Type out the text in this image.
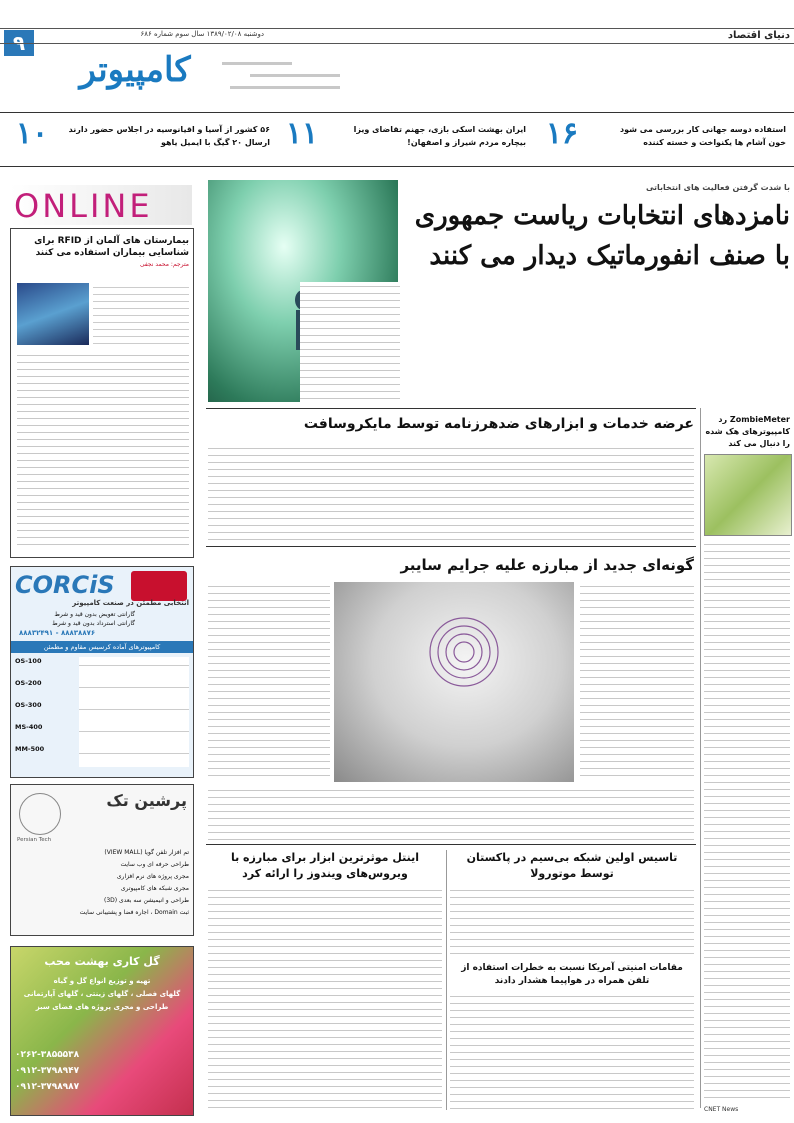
۹	دوشنبه ۱۳۸۹/۰۲/۰۸ سال سوم شماره ۶۸۶	دنیای اقتصاد
کامپیوتر
۱۶	استفاده دوسه جهانی کار بررسی می شود
خون آشام ها یکنواخت و خسته کننده
۱۱	ایران بهشت اسکی بازی، جهنم تقاضای ویزا
بیچاره مردم شیراز و اصفهان!
۱۰	۵۶ کشور از آسیا و اقیانوسیه در اجلاس حضور دارند
ارسال ۲۰ گیگ با ایمیل یاهو
ONLINE
بیمارستان های آلمان از RFID برای شناسایی بیماران استفاده می کنند
مترجم: محمد نجفی
CORCiS
انتخابی مطمئن در صنعت کامپیوتر
گارانتی تعویض بدون قید و شرط
گارانتی استرداد بدون قید و شرط
۸۸۸۳۲۴۹۱ - ۸۸۸۳۸۸۷۶
کامپیوترهای آماده کرسیس مقاوم و مطمئن
OS-100
OS-200
OS-300
MS-400
MM-500
Persian Tech
پرشین تک
تم افزار تلفن گویا (VIEW MALL)
طراحی حرفه ای وب سایت
مجری پروژه های نرم افزاری
مجری شبکه های کامپیوتری
طراحی و انیمیشن سه بعدی (3D)
ثبت Domain ، اجاره فضا و پشتیبانی سایت
گل کاری بهشت محب
تهیه و توزیع انواع گل و گیاه
گلهای فصلی ، گلهای زینتی ، گلهای آپارتمانی
طراحی و مجری پروژه های فضای سبز
۰۲۶۲-۳۸۵۵۵۳۸
۰۹۱۲-۳۷۹۸۹۴۷
۰۹۱۲-۳۷۹۸۹۸۷
با شدت گرفتن فعالیت های انتخاباتی
نامزدهای انتخابات ریاست جمهوری
با صنف انفورماتیک دیدار می کنند
عرضه خدمات و ابزارهای ضدهرزنامه توسط مایکروسافت	ZombieMeter رد کامپیوترهای هک شده را دنبال می کند
گونه‌ای جدید از مبارزه علیه جرایم سایبر
تاسیس اولین شبکه بی‌سیم در پاکستان
توسط موتورولا
مقامات امنیتی آمریکا نسبت به خطرات استفاده از
تلفن همراه در هواپیما هشدار دادند
اینتل موثرترین ابزار برای مبارزه با
ویروس‌های ویندوز را ارائه کرد
CNET News
